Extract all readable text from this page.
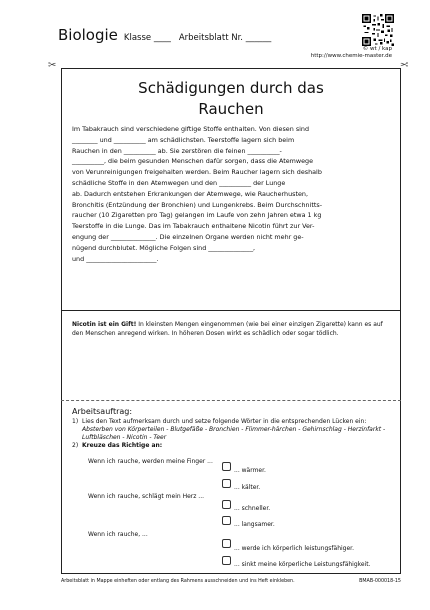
Biologie Klasse ____ Arbeitsblatt Nr. ______
© wt / kap
http://www.chemie-master.de
✂	✂
Schädigungen durch das
Rauchen

Im Tabakrauch sind verschiedene giftige Stoffe enthalten. Von diesen sind

________ und __________ am schädlichsten. Teerstoffe lagern sich beim

Rauchen in den __________ ab. Sie zerstören die feinen __________-

__________, die beim gesunden Menschen dafür sorgen, dass die Atemwege

von Verunreinigungen freigehalten werden. Beim Raucher lagern sich deshalb

schädliche Stoffe in den Atemwegen und den __________ der Lunge

ab. Dadurch entstehen Erkrankungen der Atemwege, wie Raucherhusten,

Bronchitis (Entzündung der Bronchien) und Lungenkrebs. Beim Durchschnitts-

raucher (10 Zigaretten pro Tag) gelangen im Laufe von zehn Jahren etwa 1 kg

Teerstoffe in die Lunge. Das im Tabakrauch enthaltene Nicotin führt zur Ver-

engung der ______________. Die einzelnen Organe werden nicht mehr ge-

nügend durchblutet. Mögliche Folgen sind ______________,

und ______________________.

Nicotin ist ein Gift! In kleinsten Mengen eingenommen (wie bei einer einzigen Zigarette) kann es auf den Menschen anregend wirken. In höheren Dosen wirkt es schädlich oder sogar tödlich.
Arbeitsauftrag:
1) Lies den Text aufmerksam durch und setze folgende Wörter in die entsprechenden Lücken ein:
Absterben von Körperteilen - Blutgefäße - Bronchien - Flimmer-härchen - Gehirnschlag - Herzinfarkt - Luftbläschen - Nicotin - Teer
2) Kreuze das Richtige an:
Wenn ich rauche, werden meine Finger ...
... wärmer.
... kälter.
Wenn ich rauche, schlägt mein Herz ...
... schneller.
... langsamer.
Wenn ich rauche, ...
... werde ich körperlich leistungsfähiger.
... sinkt meine körperliche Leistungsfähigkeit.
Arbeitsblatt in Mappe einheften oder entlang des Rahmens ausschneiden und ins Heft einkleben.	BMAB-000018-15
